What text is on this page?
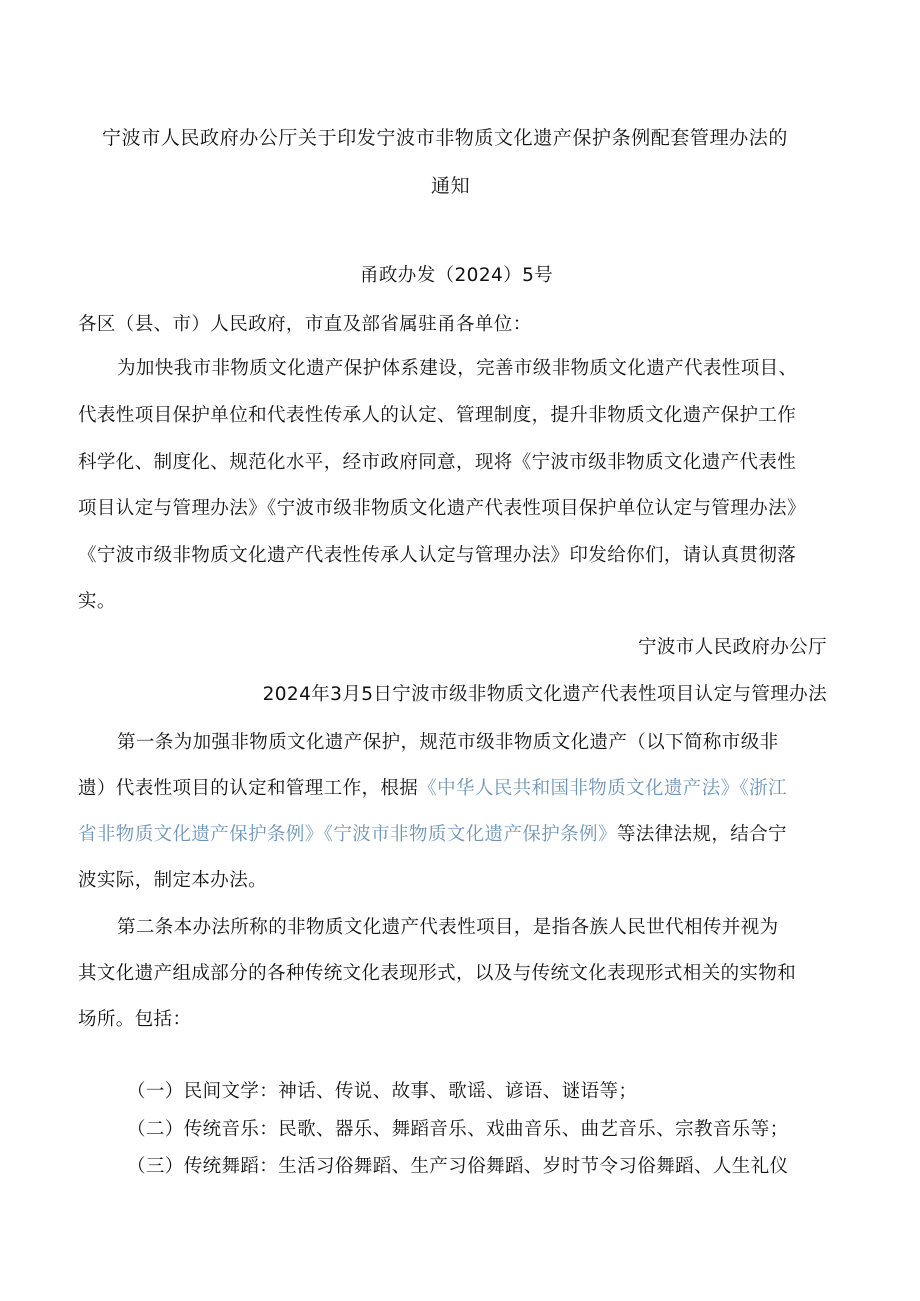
宁波市人民政府办公厅关于印发宁波市非物质文化遗产保护条例配套管理办法的
通知
甬政办发（2024）5号
各区（县、市）人民政府，市直及部省属驻甬各单位：
为加快我市非物质文化遗产保护体系建设，完善市级非物质文化遗产代表性项目、
代表性项目保护单位和代表性传承人的认定、管理制度，提升非物质文化遗产保护工作
科学化、制度化、规范化水平，经市政府同意，现将《宁波市级非物质文化遗产代表性
项目认定与管理办法》《宁波市级非物质文化遗产代表性项目保护单位认定与管理办法》
《宁波市级非物质文化遗产代表性传承人认定与管理办法》印发给你们，请认真贯彻落
实。
宁波市人民政府办公厅
2024年3月5日宁波市级非物质文化遗产代表性项目认定与管理办法
第一条为加强非物质文化遗产保护，规范市级非物质文化遗产（以下简称市级非
遗）代表性项目的认定和管理工作，根据《中华人民共和国非物质文化遗产法》《浙江
省非物质文化遗产保护条例》《宁波市非物质文化遗产保护条例》等法律法规，结合宁
波实际，制定本办法。
第二条本办法所称的非物质文化遗产代表性项目，是指各族人民世代相传并视为
其文化遗产组成部分的各种传统文化表现形式，以及与传统文化表现形式相关的实物和
场所。包括：
（一）民间文学：神话、传说、故事、歌谣、谚语、谜语等；
（二）传统音乐：民歌、器乐、舞蹈音乐、戏曲音乐、曲艺音乐、宗教音乐等；
（三）传统舞蹈：生活习俗舞蹈、生产习俗舞蹈、岁时节令习俗舞蹈、人生礼仪
